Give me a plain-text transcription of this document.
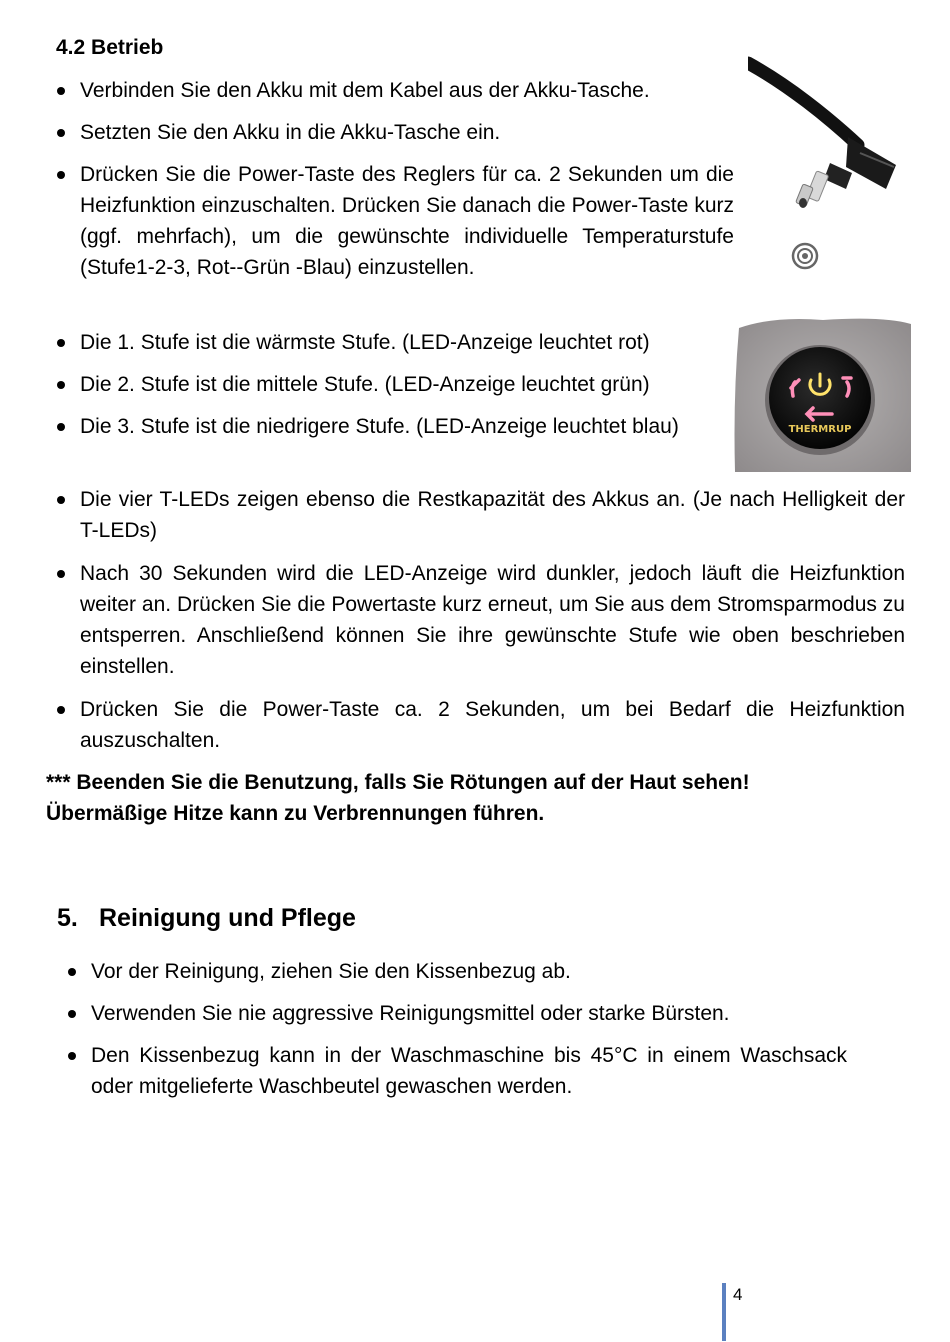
4.2 Betrieb
Verbinden Sie den Akku mit dem Kabel aus der Akku-Tasche.
Setzten Sie den Akku in die Akku-Tasche ein.
Drücken Sie die Power-Taste des Reglers für ca. 2 Sekunden um die Heizfunktion einzuschalten. Drücken Sie danach die Power-Taste kurz (ggf. mehrfach), um die gewünschte individuelle Temperaturstufe (Stufe1-2-3, Rot--Grün -Blau) einzustellen.
Die 1. Stufe ist die wärmste Stufe. (LED-Anzeige leuchtet rot)
Die 2. Stufe ist die mittele Stufe. (LED-Anzeige leuchtet grün)
Die 3. Stufe ist die niedrigere Stufe. (LED-Anzeige leuchtet blau)
Die vier T-LEDs zeigen ebenso die Restkapazität des Akkus an. (Je nach Helligkeit der T-LEDs)
Nach 30 Sekunden wird die LED-Anzeige wird dunkler, jedoch läuft die Heizfunktion weiter an. Drücken Sie die Powertaste kurz erneut, um Sie aus dem Stromsparmodus zu entsperren. Anschließend können Sie ihre gewünschte Stufe wie oben beschrieben einstellen.
Drücken Sie die Power-Taste ca. 2 Sekunden, um bei Bedarf die Heizfunktion auszuschalten.
*** Beenden Sie die Benutzung, falls Sie Rötungen auf der Haut sehen!
Übermäßige Hitze kann zu Verbrennungen führen.
5. Reinigung und Pflege
Vor der Reinigung, ziehen Sie den Kissenbezug ab.
Verwenden Sie nie aggressive Reinigungsmittel oder starke Bürsten.
Den Kissenbezug kann in der Waschmaschine bis 45°C in einem Waschsack oder mitgelieferte Waschbeutel gewaschen werden.
THERMRUP
4
